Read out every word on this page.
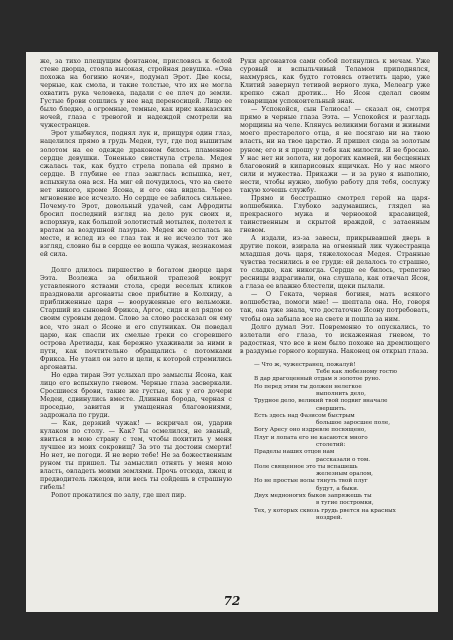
же, за тихо плещущим фонтаном, присловясь к белой стене дворца, стояла высокая, стройная девушка. «Она похожа на богиню ночи», подумал Эрот. Две косы, черные, как смола, и такие толстые, что их не могла охватить рука человека, падали с ее плеч до земли. Густые брови сошлись у нее над переносицей. Лицо ее было бледно, а огромные, темные, как ирис кавказских ночей, глаза с тревогой и надеждой смотрели на чужестранцев.

Эрот улыбнулся, поднял лук и, прищуря один глаз, нацелился прямо в грудь Медеи, тут, где под вышитым золотом на ее одежде драконом билось пламенное сердце девушки. Тоненько свистнула стрела. Медея сжалась так, как будто стрела попала ей прямо в сердце. В глубине ее глаз зажглась вспышка, нет, вспыхнула она вся. На миг ей почудилось, что на свете нет никого, кроме Ясона, и его она видела. Через мгновение все исчезло. Но сердце ее забилось сильнее. Почему-то Эрот, довольный удачей, сам Афродиты бросил последний взгляд на дело рук своих и, вспорхнув, как большой золотистый мотылек, полетел к вратам за воздушной лазурью. Медея же осталась на месте, и вслед из ее глаз так и не исчезло тот же взгляд, словно бы в сердце ее вошла чужая, незнакомая ей сила.

Долго длилось пиршество в богатом дворце царя Ээта. Возлежа за обильной трапезой вокруг уставленного яствами стола, среди веселых кликов праздновали аргонавты свое прибытие в Колхиду, а приближенные царя — вооруженные его вельможи. Старший из сыновей Фрикса, Аргос, сидя и ел рядом со своим суровым дедом. Слово за слово рассказал он ему все, что знал о Ясоне и его спутниках. Он поведал царю, как спасли их смелые греки со сгоревшего острова Аретиады, как бережно ухаживали за ними в пути, как почтительно обращались с потомками Фрикса. Не утаил он зато и цели, к которой стремились аргонавты.

Но едва тиран Ээт услыхал про замыслы Ясона, как лицо его вспыхнуло гневом. Черные глаза засверкали. Сросшиеся брови, такие же густые, как у его дочери Медеи, сдвинулись вместе. Длинная борода, черная с проседью, завитая и умащенная благовониями, задрожала по груди.

— Как, дерзкий чужак! — вскричал он, ударив кулаком по столу. — Как? Ты осмелился, не званый, явиться в мою страну с тем, чтобы похитить у меня лучшее из моих сокровищ? За это ты достоин смерти! Но нет, не погоди. Я не верю тебе! Не за божественным руном ты пришел. Ты замыслил отнять у меня мою власть, овладеть моими землями. Прочь отсюда, лжец и предводитель лжецов, или весь ты сойдешь в страшную гибель!

Ропот прокатился по залу, где шел пир.

Руки аргонавтов сами собой потянулись к мечам. Уже суровый и вспыльчивый Теламон приподнялся, нахмурясь, как будто готовясь ответить царю, уже Клитий завернул тетивой верного лука, Мелеагр уже крепко сжал дротик... Но Ясон сделал своим товарищам успокоительный знак.

— Успокойся, сын Гелиоса! — сказал он, смотря прямо в черные глаза Ээта. — Успокойся и разгладь морщины на челе. Клянусь великими богами и живыми моего престарелого отца, я не посягаю ни на твою власть, ни на твое царство. Я пришел сюда за золотым руном; его и я прошу у тебя как милости. Я не бросаю. У нас нет ни золота, ни дорогих камней, ни бесценных благовоний в кипарисовых ящичках. Но у нас много сили и мужества. Прикажи — и за руно я выполню, нести, чтобы нужно, любую работу для тебя, сослужу такую хочешь службу.

Прямо и бесстрашно смотрел герой на царя-волшебника. Глубоко задумавшись, глядел на прекрасного мужа и черноокой красавицей, таинственным и скрытой враждой, с затаенным гневом.

А издали, из-за завесы, прикрывавшей дверь в другие покои, взирала на огненный лик чужестранца младшая дочь царя, тяжелохосая Медея. Странные чувства теснились в ее груди: ей делалось то страшно, то сладко, как никогда. Сердце ее билось, трепетно ресницы вздрагивали, она слушала, как отвечал Ясон, а глаза ее влажно блестели, щеки пылали.

— О Геката, черная богиня, мать всякого волшебства, помоги мне! — шептала она. Но, говоря так, она уже знала, что достаточно Ясону потребовать, чтобы она забыла все на свете и пошла за ним.

Долго думал Ээт. Повременно то опускались, то взлетали его глаза, то искаженная гневом, то радостная, что все в нем было похоже на дремлющего в раздумье горного коршуна. Наконец он открыл глаза.

— Что ж, чужестранец, пожалуй!
Тебе как любезному гостю
В дар драгоценный отдам я золотое руно.
Но перед этим ты должен нелегкое
выполнить дело,
Трудное дело, великий твой подвиг вначале
свершить.
Есть здесь над Фазисом быстрым
большое заросшее поле,
Богу Аресу оно издревле посвящено,
Плуг и лопата его не касаются много
столетий:
Праделы наших отцов нам
рассказали о том.
Поле священное это ты вспашешь
железным оралом,
Но не простые волы тянуть твой плуг
будут, а быки.
Двух медноногих быков запряжешь ты
в тугие постромки,
Тех, у которых сквозь грудь рвется на красных
ноздрей.
72
